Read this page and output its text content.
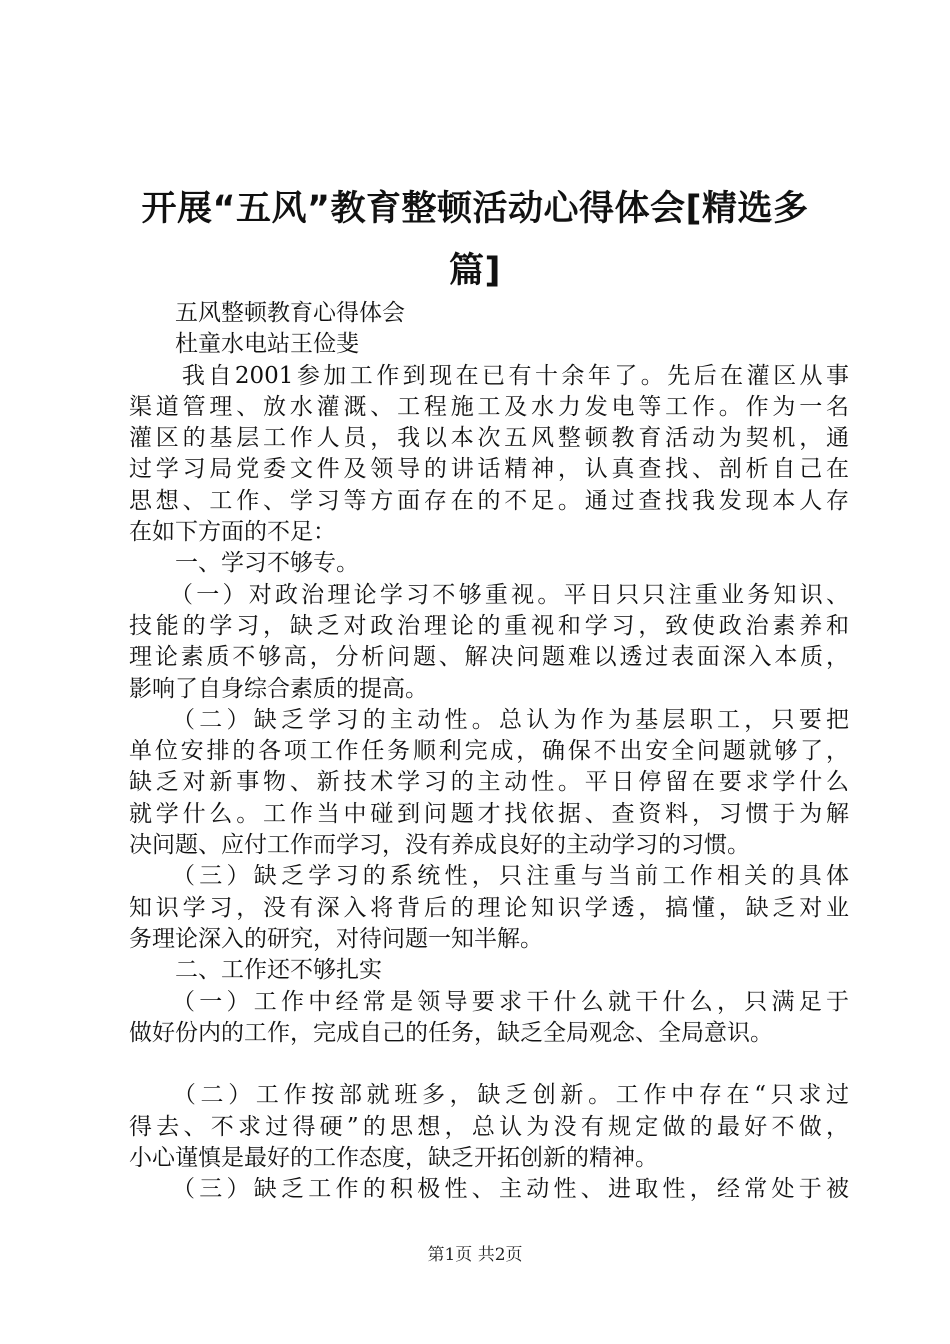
开展“五风”教育整顿活动心得体会[精选多
篇]
　　五风整顿教育心得体会
　　杜童水电站王俭斐
　　我自2001参加工作到现在已有十余年了。先后在灌区从事
渠道管理、放水灌溉、工程施工及水力发电等工作。作为一名
灌区的基层工作人员，我以本次五风整顿教育活动为契机，通
过学习局党委文件及领导的讲话精神，认真查找、剖析自己在
思想、工作、学习等方面存在的不足。通过查找我发现本人存
在如下方面的不足：
　　一、学习不够专。
　　（一）对政治理论学习不够重视。平日只只注重业务知识、
技能的学习，缺乏对政治理论的重视和学习，致使政治素养和
理论素质不够高，分析问题、解决问题难以透过表面深入本质，
影响了自身综合素质的提高。
　　（二）缺乏学习的主动性。总认为作为基层职工，只要把
单位安排的各项工作任务顺利完成，确保不出安全问题就够了，
缺乏对新事物、新技术学习的主动性。平日停留在要求学什么
就学什么。工作当中碰到问题才找依据、查资料，习惯于为解
决问题、应付工作而学习，没有养成良好的主动学习的习惯。
　　（三）缺乏学习的系统性，只注重与当前工作相关的具体
知识学习，没有深入将背后的理论知识学透，搞懂，缺乏对业
务理论深入的研究，对待问题一知半解。
　　二、工作还不够扎实
　　（一）工作中经常是领导要求干什么就干什么，只满足于
做好份内的工作，完成自己的任务，缺乏全局观念、全局意识。
　　（二）工作按部就班多，缺乏创新。工作中存在“只求过
得去、不求过得硬”的思想，总认为没有规定做的最好不做，
小心谨慎是最好的工作态度，缺乏开拓创新的精神。
　　（三）缺乏工作的积极性、主动性、进取性，经常处于被
第1页 共2页
